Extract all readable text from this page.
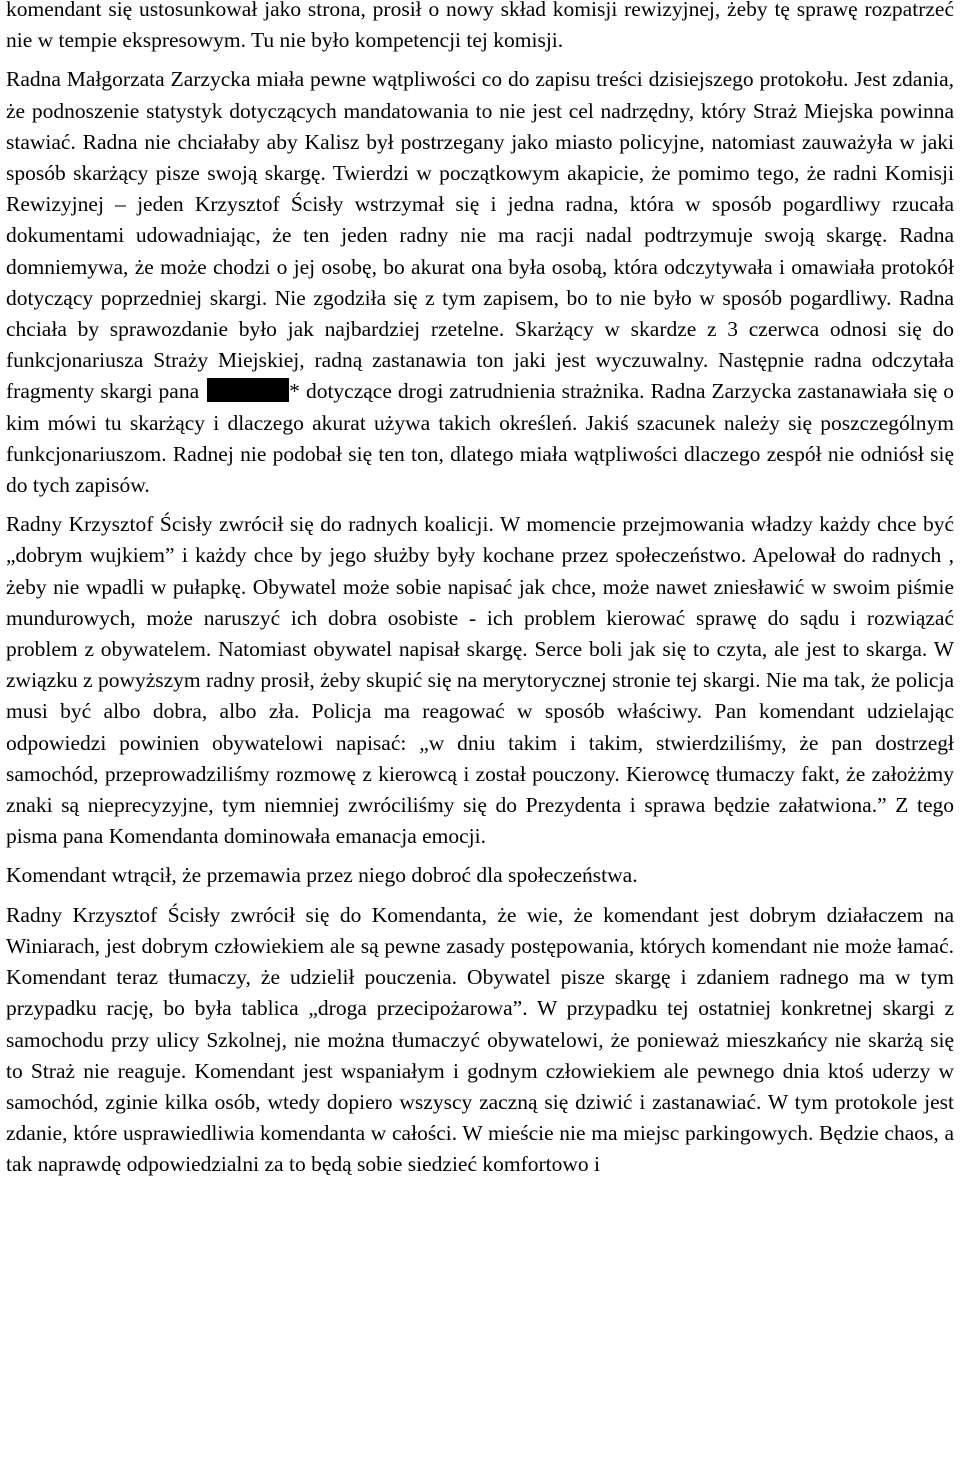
komendant się ustosunkował jako strona, prosił o nowy skład komisji rewizyjnej, żeby tę sprawę rozpatrzeć nie w tempie ekspresowym. Tu nie było kompetencji tej komisji.

Radna Małgorzata Zarzycka miała pewne wątpliwości co do zapisu treści dzisiejszego protokołu. Jest zdania, że podnoszenie statystyk dotyczących mandatowania to nie jest cel nadrzędny, który Straż Miejska powinna stawiać. Radna nie chciałaby aby Kalisz był postrzegany jako miasto policyjne, natomiast zauważyła w jaki sposób skarżący pisze swoją skargę. Twierdzi w początkowym akapicie, że pomimo tego, że radni Komisji Rewizyjnej – jeden Krzysztof Ścisły wstrzymał się i jedna radna, która w sposób pogardliwy rzucała dokumentami udowadniając, że ten jeden radny nie ma racji nadal podtrzymuje swoją skargę. Radna domniemywa, że może chodzi o jej osobę, bo akurat ona była osobą, która odczytywała i omawiała protokół dotyczący poprzedniej skargi. Nie zgodziła się z tym zapisem, bo to nie było w sposób pogardliwy. Radna chciała by sprawozdanie było jak najbardziej rzetelne. Skarżący w skardze z 3 czerwca odnosi się do funkcjonariusza Straży Miejskiej, radną zastanawia ton jaki jest wyczuwalny. Następnie radna odczytała fragmenty skargi pana	* dotyczące drogi zatrudnienia strażnika. Radna Zarzycka zastanawiała się o kim mówi tu skarżący i dlaczego akurat używa takich określeń. Jakiś szacunek należy się poszczególnym funkcjonariuszom. Radnej nie podobał się ten ton, dlatego miała wątpliwości dlaczego zespół nie odniósł się do tych zapisów.

Radny Krzysztof Ścisły zwrócił się do radnych koalicji. W momencie przejmowania władzy każdy chce być „dobrym wujkiem” i każdy chce by jego służby były kochane przez społeczeństwo. Apelował do radnych , żeby nie wpadli w pułapkę. Obywatel może sobie napisać jak chce, może nawet zniesławić w swoim piśmie mundurowych, może naruszyć ich dobra osobiste - ich problem kierować sprawę do sądu i rozwiązać problem z obywatelem. Natomiast obywatel napisał skargę. Serce boli jak się to czyta, ale jest to skarga. W związku z powyższym radny prosił, żeby skupić się na merytorycznej stronie tej skargi. Nie ma tak, że policja musi być albo dobra, albo zła. Policja ma reagować w sposób właściwy. Pan komendant udzielając odpowiedzi powinien obywatelowi napisać: „w dniu takim i takim, stwierdziliśmy, że pan dostrzegł samochód, przeprowadziliśmy rozmowę z kierowcą i został pouczony. Kierowcę tłumaczy fakt, że założżmy znaki są nieprecyzyjne, tym niemniej zwróciliśmy się do Prezydenta i sprawa będzie załatwiona.” Z tego pisma pana Komendanta dominowała emanacja emocji.

Komendant wtrącił, że przemawia przez niego dobroć dla społeczeństwa.

Radny Krzysztof Ścisły zwrócił się do Komendanta, że wie, że komendant jest dobrym działaczem na Winiarach, jest dobrym człowiekiem ale są pewne zasady postępowania, których komendant nie może łamać. Komendant teraz tłumaczy, że udzielił pouczenia. Obywatel pisze skargę i zdaniem radnego ma w tym przypadku rację, bo była tablica „droga przecipożarowa”. W przypadku tej ostatniej konkretnej skargi z samochodu przy ulicy Szkolnej, nie można tłumaczyć obywatelowi, że ponieważ mieszkańcy nie skarżą się to Straż nie reaguje. Komendant jest wspaniałym i godnym człowiekiem ale pewnego dnia ktoś uderzy w samochód, zginie kilka osób, wtedy dopiero wszyscy zaczną się dziwić i zastanawiać. W tym protokole jest zdanie, które usprawiedliwia komendanta w całości. W mieście nie ma miejsc parkingowych. Będzie chaos, a tak naprawdę odpowiedzialni za to będą sobie siedzieć komfortowo i
